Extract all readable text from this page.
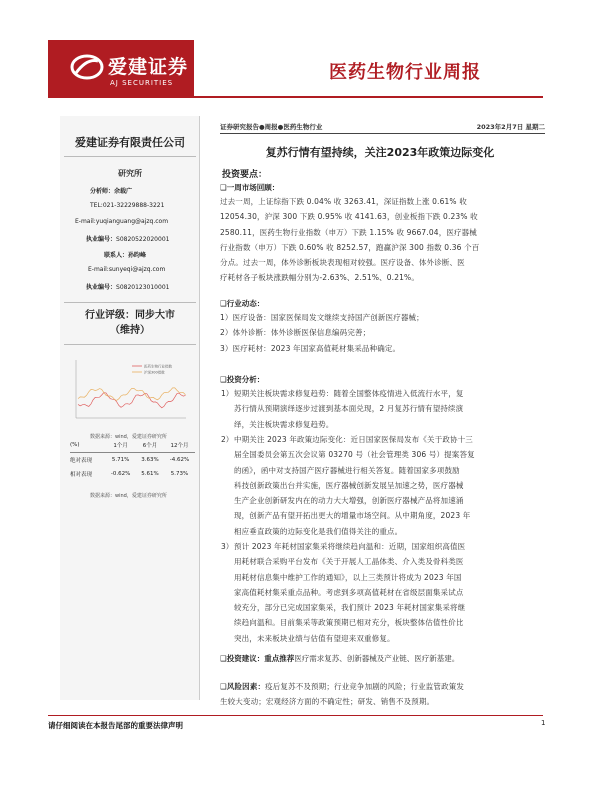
爱建证券
AJ SECURITIES	医药生物行业周报
爱建证券有限责任公司
研究所
分析师：余载广
TEL:021-32229888-3221
E-mail:yuqianguang@ajzq.com
执业编号：S0820522020001
联系人：孙昀峰
E-mail:sunyeqi@ajzq.com
执业编号：S0820123010001
行业评级：同步大市
（维持）
医药生物行业指数
沪深300指数
数据来源：wind，爱建证券研究所
(%)	1个月	6个月	12个月
绝对表现	5.71%	3.63%	-4.62%
相对表现	-0.62%	5.61%	5.73%
数据来源：wind，爱建证券研究所
证券研究报告●周报●医药生物行业	2023年2月7日 星期二
复苏行情有望持续，关注2023年政策边际变化
投资要点：
❑一周市场回顾：
过去一周，上证综指下跌 0.04% 收 3263.41，深证指数上涨 0.61% 收
12054.30，沪深 300 下跌 0.95% 收 4141.63，创业板指下跌 0.23% 收
2580.11，医药生物行业指数（申万）下跌 1.15% 收 9667.04，医疗器械
行业指数（申万）下跌 0.60% 收 8252.57，跑赢沪深 300 指数 0.36 个百
分点。过去一周，体外诊断板块表现相对较强。医疗设备、体外诊断、医
疗耗材各子板块涨跌幅分别为-2.63%、2.51%、0.21%。
❑行业动态：
1）医疗设备：国家医保局发文继续支持国产创新医疗器械；
2）体外诊断：体外诊断医保信息编码完善；
3）医疗耗材：2023 年国家高值耗材集采品种确定。
❑投资分析：
1） 短期关注板块需求修复趋势：随着全国整体疫情进入低流行水平，复
苏行情从预期演绎逐步过渡到基本面兑现，2 月复苏行情有望持续演
绎，关注板块需求修复趋势。
2） 中期关注 2023 年政策边际变化：近日国家医保局发布《关于政协十三
届全国委员会第五次会议第 03270 号（社会管理类 306 号）提案答复
的函》，函中对支持国产医疗器械进行相关答复。随着国家多项鼓励
科技创新政策出台并实施，医疗器械创新发展呈加速之势，医疗器械
生产企业创新研发内在的动力大大增强，创新医疗器械产品将加速涌
现，创新产品有望开拓出更大的增量市场空间。从中期角度，2023 年
相应垂直政策的边际变化是我们值得关注的重点。
3） 预计 2023 年耗材国家集采将继续趋向温和：近期，国家组织高值医
用耗材联合采购平台发布《关于开展人工晶体类、介入类及骨科类医
用耗材信息集中维护工作的通知》，以上三类预计将成为 2023 年国
家高值耗材集采重点品种。考虑到多项高值耗材在省级层面集采试点
较充分，部分已完成国家集采，我们预计 2023 年耗材国家集采将继
续趋向温和。目前集采等政策预期已相对充分，板块整体估值性价比
突出，未来板块业绩与估值有望迎来双重修复。
❑投资建议：重点推荐医疗需求复苏、创新器械及产业链、医疗新基建。
❑风险因素：疫后复苏不及预期；行业竞争加剧的风险；行业监管政策发
生较大变动；宏观经济方面的不确定性；研发、销售不及预期。
请仔细阅读在本报告尾部的重要法律声明	1
